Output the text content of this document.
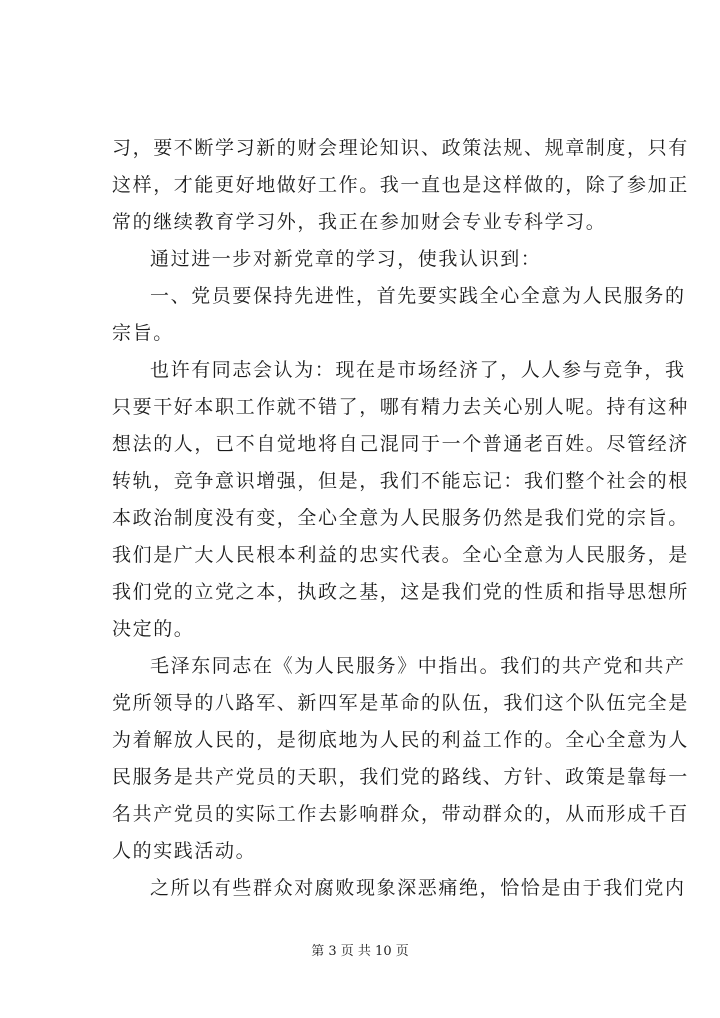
习，要不断学习新的财会理论知识、政策法规、规章制度，只有
这样，才能更好地做好工作。我一直也是这样做的，除了参加正
常的继续教育学习外，我正在参加财会专业专科学习。
通过进一步对新党章的学习，使我认识到：
一、党员要保持先进性，首先要实践全心全意为人民服务的
宗旨。
也许有同志会认为：现在是市场经济了，人人参与竞争，我
只要干好本职工作就不错了，哪有精力去关心别人呢。持有这种
想法的人，已不自觉地将自己混同于一个普通老百姓。尽管经济
转轨，竞争意识增强，但是，我们不能忘记：我们整个社会的根
本政治制度没有变，全心全意为人民服务仍然是我们党的宗旨。
我们是广大人民根本利益的忠实代表。全心全意为人民服务，是
我们党的立党之本，执政之基，这是我们党的性质和指导思想所
决定的。
毛泽东同志在《为人民服务》中指出。我们的共产党和共产
党所领导的八路军、新四军是革命的队伍，我们这个队伍完全是
为着解放人民的，是彻底地为人民的利益工作的。全心全意为人
民服务是共产党员的天职，我们党的路线、方针、政策是靠每一
名共产党员的实际工作去影响群众，带动群众的，从而形成千百
人的实践活动。
之所以有些群众对腐败现象深恶痛绝，恰恰是由于我们党内
第 3 页 共 10 页
